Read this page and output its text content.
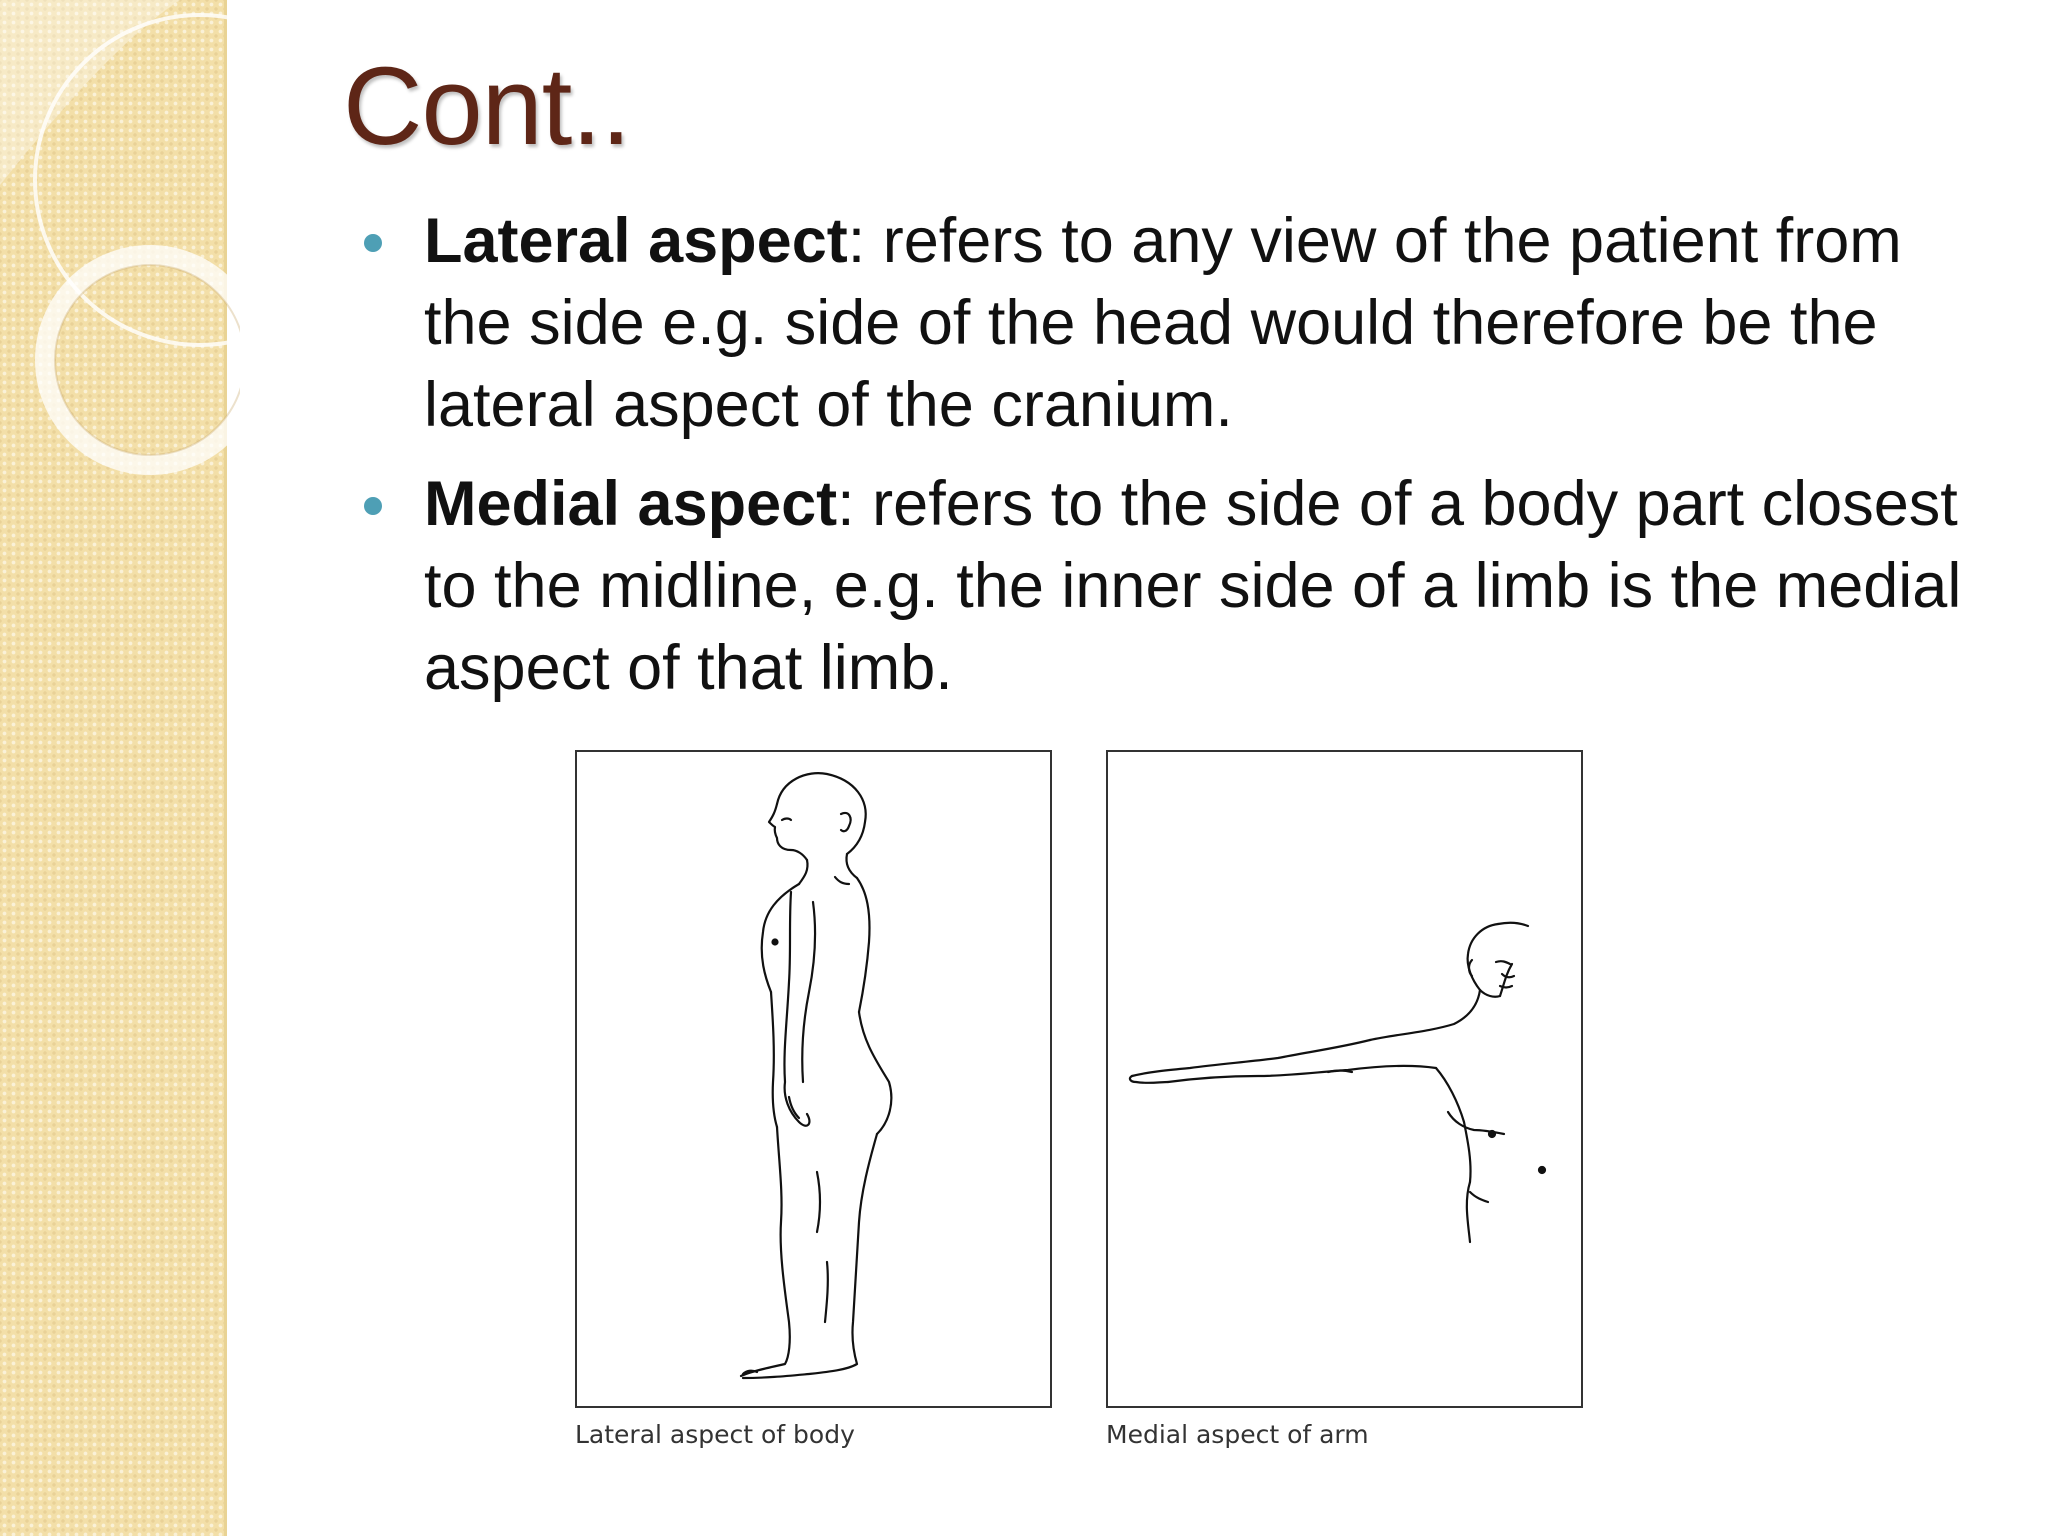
Cont..
Lateral aspect: refers to any view of the patient from the side e.g. side of the head would therefore be the lateral aspect of the cranium.
Medial aspect: refers to the side of a body part closest to the midline, e.g. the inner side of a limb is the medial aspect of that limb.
Lateral aspect of body	Medial aspect of arm
